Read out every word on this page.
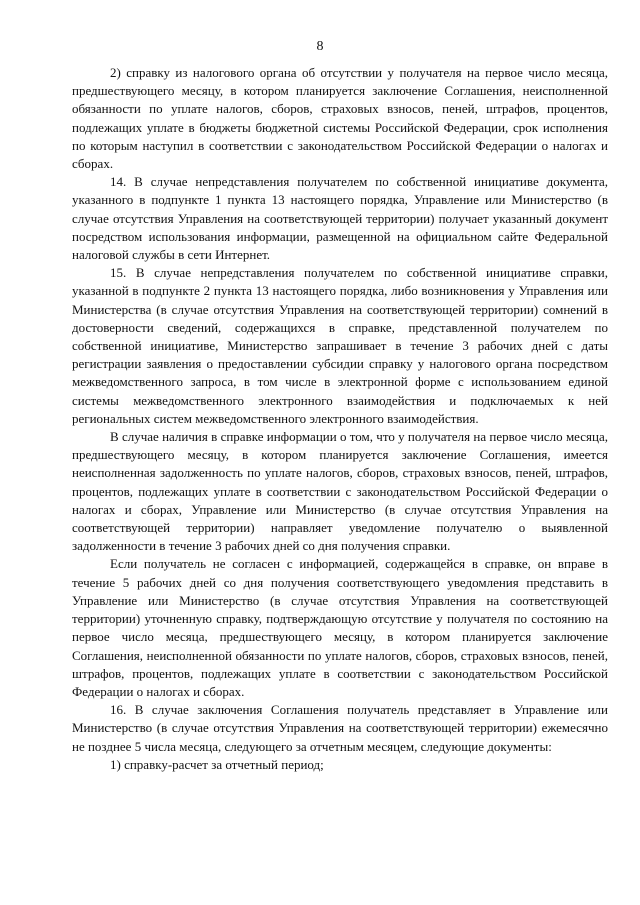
8

2) справку из налогового органа об отсутствии у получателя на первое число месяца, предшествующего месяцу, в котором планируется заключение Соглашения, неисполненной обязанности по уплате налогов, сборов, страховых взносов, пеней, штрафов, процентов, подлежащих уплате в бюджеты бюджетной системы Российской Федерации, срок исполнения по которым наступил в соответствии с законодательством Российской Федерации о налогах и сборах.

14. В случае непредставления получателем по собственной инициативе документа, указанного в подпункте 1 пункта 13 настоящего порядка, Управление или Министерство (в случае отсутствия Управления на соответствующей территории) получает указанный документ посредством использования информации, размещенной на официальном сайте Федеральной налоговой службы в сети Интернет.

15. В случае непредставления получателем по собственной инициативе справки, указанной в подпункте 2 пункта 13 настоящего порядка, либо возникновения у Управления или Министерства (в случае отсутствия Управления на соответствующей территории) сомнений в достоверности сведений, содержащихся в справке, представленной получателем по собственной инициативе, Министерство запрашивает в течение 3 рабочих дней с даты регистрации заявления о предоставлении субсидии справку у налогового органа посредством межведомственного запроса, в том числе в электронной форме с использованием единой системы межведомственного электронного взаимодействия и подключаемых к ней региональных систем межведомственного электронного взаимодействия.

В случае наличия в справке информации о том, что у получателя на первое число месяца, предшествующего месяцу, в котором планируется заключение Соглашения, имеется неисполненная задолженность по уплате налогов, сборов, страховых взносов, пеней, штрафов, процентов, подлежащих уплате в соответствии с законодательством Российской Федерации о налогах и сборах, Управление или Министерство (в случае отсутствия Управления на соответствующей территории) направляет уведомление получателю о выявленной задолженности в течение 3 рабочих дней со дня получения справки.

Если получатель не согласен с информацией, содержащейся в справке, он вправе в течение 5 рабочих дней со дня получения соответствующего уведомления представить в Управление или Министерство (в случае отсутствия Управления на соответствующей территории) уточненную справку, подтверждающую отсутствие у получателя по состоянию на первое число месяца, предшествующего месяцу, в котором планируется заключение Соглашения, неисполненной обязанности по уплате налогов, сборов, страховых взносов, пеней, штрафов, процентов, подлежащих уплате в соответствии с законодательством Российской Федерации о налогах и сборах.

16. В случае заключения Соглашения получатель представляет в Управление или Министерство (в случае отсутствия Управления на соответствующей территории) ежемесячно не позднее 5 числа месяца, следующего за отчетным месяцем, следующие документы:

1) справку-расчет за отчетный период;
